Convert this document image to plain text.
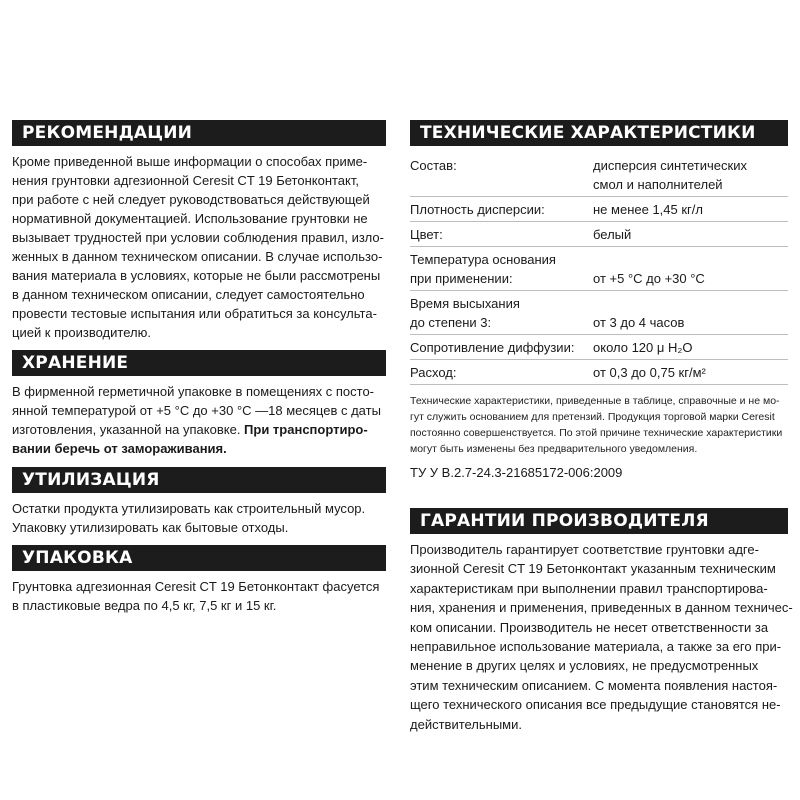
РЕКОМЕНДАЦИИ
Кроме приведенной выше информации о способах приме-
нения грунтовки адгезионной Ceresit CT 19 Бетонконтакт,
при работе с ней следует руководствоваться действующей
нормативной документацией. Использование грунтовки не
вызывает трудностей при условии соблюдения правил, изло-
женных в данном техническом описании. В случае использо-
вания материала в условиях, которые не были рассмотрены
в данном техническом описании, следует самостоятельно
провести тестовые испытания или обратиться за консульта-
цией к производителю.
ХРАНЕНИЕ
В фирменной герметичной упаковке в помещениях с посто-
янной температурой от +5 °С до +30 °С —18 месяцев с даты
изготовления, указанной на упаковке. При транспортиро-
вании беречь от замораживания.
УТИЛИЗАЦИЯ
Остатки продукта утилизировать как строительный мусор.
Упаковку утилизировать как бытовые отходы.
УПАКОВКА
Грунтовка адгезионная Ceresit CT 19 Бетонконтакт фасуется
в пластиковые ведра по 4,5 кг, 7,5 кг и 15 кг.
ТЕХНИЧЕСКИЕ ХАРАКТЕРИСТИКИ
Состав:	дисперсия синтетических
смол и наполнителей
Плотность дисперсии:	не менее 1,45 кг/л
Цвет:	белый
Температура основания
при применении:	от +5 °С до +30 °С
Время высыхания
до степени 3:	от 3 до 4 часов
Сопротивление диффузии:	около 120 μ H₂O
Расход:	от 0,3 до 0,75 кг/м²
Технические характеристики, приведенные в таблице, справочные и не мо-
гут служить основанием для претензий. Продукция торговой марки Ceresit
постоянно совершенствуется. По этой причине технические характеристики
могут быть изменены без предварительного уведомления.
ТУ У В.2.7-24.3-21685172-006:2009
ГАРАНТИИ ПРОИЗВОДИТЕЛЯ
Производитель гарантирует соответствие грунтовки адге-
зионной Ceresit CT 19 Бетонконтакт указанным техническим
характеристикам при выполнении правил транспортирова-
ния, хранения и применения, приведенных в данном техничес-
ком описании. Производитель не несет ответственности за
неправильное использование материала, а также за его при-
менение в других целях и условиях, не предусмотренных
этим техническим описанием. С момента появления настоя-
щего технического описания все предыдущие становятся не-
действительными.
